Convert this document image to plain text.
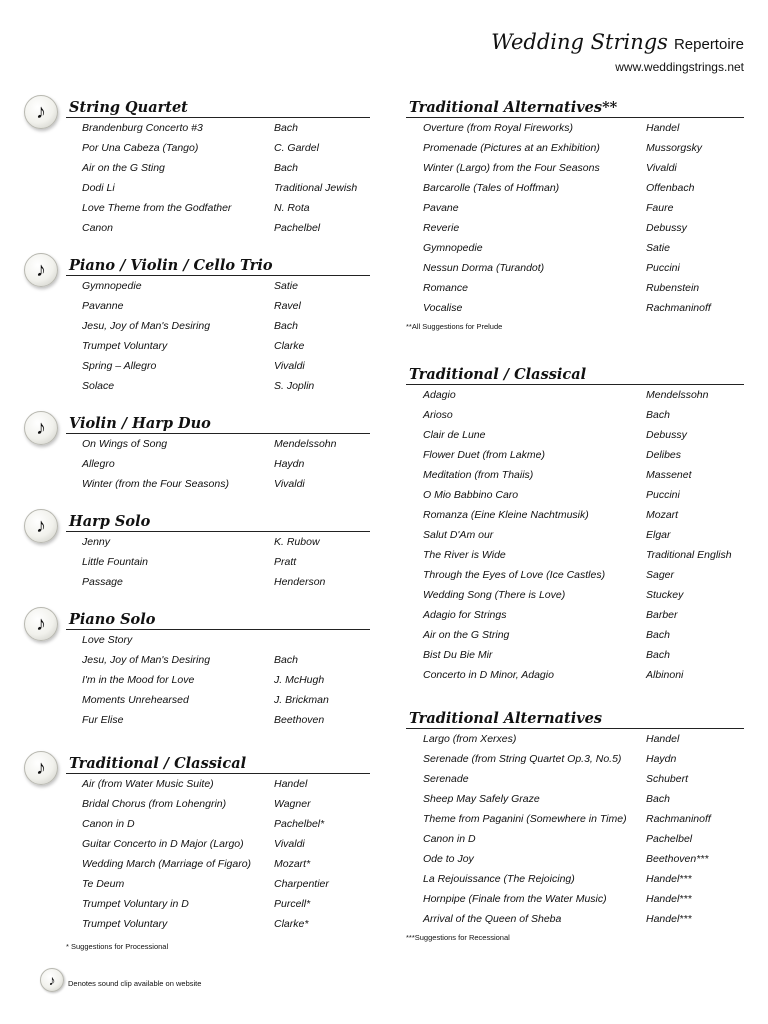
Wedding Strings Repertoire
www.weddingstrings.net
♪ String Quartet
Brandenburg Concerto #3	Bach
Por Una Cabeza (Tango)	C. Gardel
Air on the G Sting	Bach
Dodi Li	Traditional Jewish
Love Theme from the Godfather	N. Rota
Canon	Pachelbel
♪ Piano / Violin / Cello Trio
Gymnopedie	Satie
Pavanne	Ravel
Jesu, Joy of Man's Desiring	Bach
Trumpet Voluntary	Clarke
Spring – Allegro	Vivaldi
Solace	S. Joplin
♪ Violin / Harp Duo
On Wings of Song	Mendelssohn
Allegro	Haydn
Winter (from the Four Seasons)	Vivaldi
♪ Harp Solo
Jenny	K. Rubow
Little Fountain	Pratt
Passage	Henderson
♪ Piano Solo
Love Story
Jesu, Joy of Man's Desiring	Bach
I'm in the Mood for Love	J. McHugh
Moments Unrehearsed	J. Brickman
Fur Elise	Beethoven
♪ Traditional / Classical
Air (from Water Music Suite)	Handel
Bridal Chorus (from Lohengrin)	Wagner
Canon in D	Pachelbel*
Guitar Concerto in D Major (Largo)	Vivaldi
Wedding March (Marriage of Figaro) Mozart*
Te Deum	Charpentier
Trumpet Voluntary in D	Purcell*
Trumpet Voluntary	Clarke*
* Suggestions for Processional
Traditional Alternatives**
Overture (from Royal Fireworks)	Handel
Promenade (Pictures at an Exhibition)	Mussorgsky
Winter (Largo) from the Four Seasons	Vivaldi
Barcarolle (Tales of Hoffman)	Offenbach
Pavane	Faure
Reverie	Debussy
Gymnopedie	Satie
Nessun Dorma (Turandot)	Puccini
Romance	Rubenstein
Vocalise	Rachmaninoff
**All Suggestions for Prelude
Traditional / Classical
Adagio	Mendelssohn
Arioso	Bach
Clair de Lune	Debussy
Flower Duet (from Lakme)	Delibes
Meditation (from Thaiis)	Massenet
O Mio Babbino Caro	Puccini
Romanza (Eine Kleine Nachtmusik)	Mozart
Salut D'Am our	Elgar
The River is Wide	Traditional English
Through the Eyes of Love (Ice Castles)	Sager
Wedding Song (There is Love)	Stuckey
Adagio for Strings	Barber
Air on the G String	Bach
Bist Du Bie Mir	Bach
Concerto in D Minor, Adagio	Albinoni
Traditional Alternatives
Largo (from Xerxes)	Handel
Serenade (from String Quartet Op.3, No.5) Haydn
Serenade	Schubert
Sheep May Safely Graze	Bach
Theme from Paganini (Somewhere in Time) Rachmaninoff
Canon in D	Pachelbel
Ode to Joy	Beethoven***
La Rejouissance (The Rejoicing)	Handel***
Hornpipe (Finale from the Water Music)	Handel***
Arrival of the Queen of Sheba	Handel***
***Suggestions for Recessional
♪ Denotes sound clip available on website
